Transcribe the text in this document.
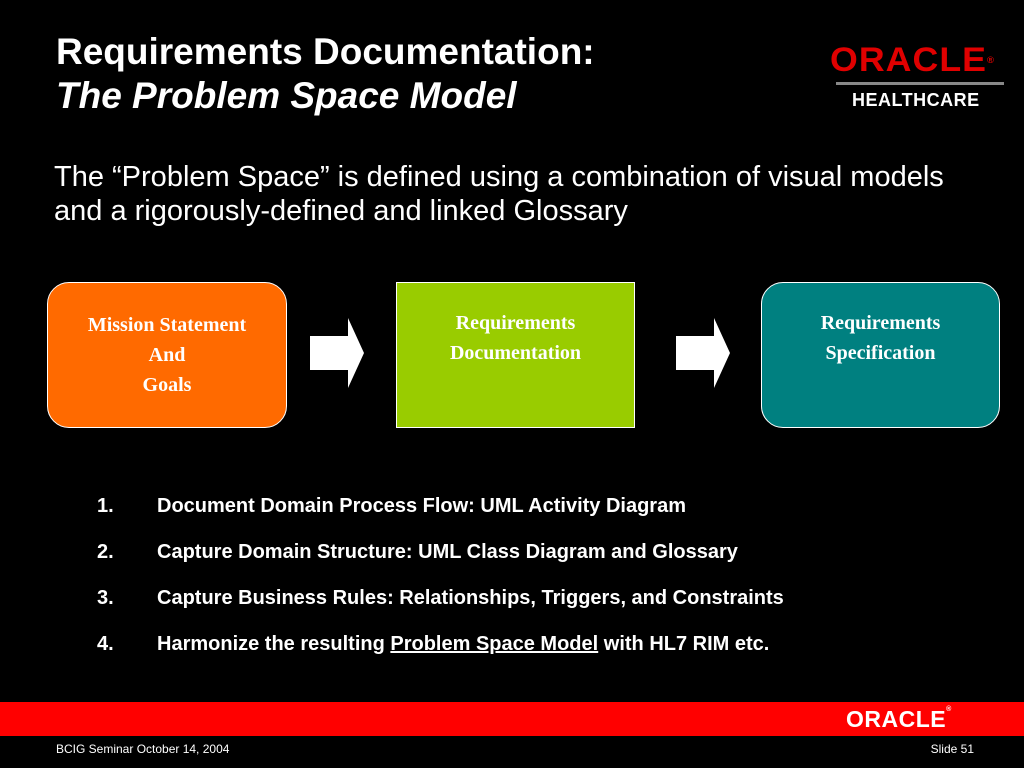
Requirements Documentation:
The Problem Space Model
ORACLE®
HEALTHCARE
The “Problem Space” is defined using a combination of visual models and a rigorously-defined and linked Glossary
Mission Statement
And
Goals
Requirements
Documentation
Requirements
Specification
1.	Document Domain Process Flow: UML Activity Diagram
2.	Capture Domain Structure: UML Class Diagram and Glossary
3.	Capture Business Rules: Relationships, Triggers, and Constraints
4.	Harmonize the resulting Problem Space Model with HL7 RIM etc.
ORACLE®
BCIG Seminar October 14, 2004	Slide 51
